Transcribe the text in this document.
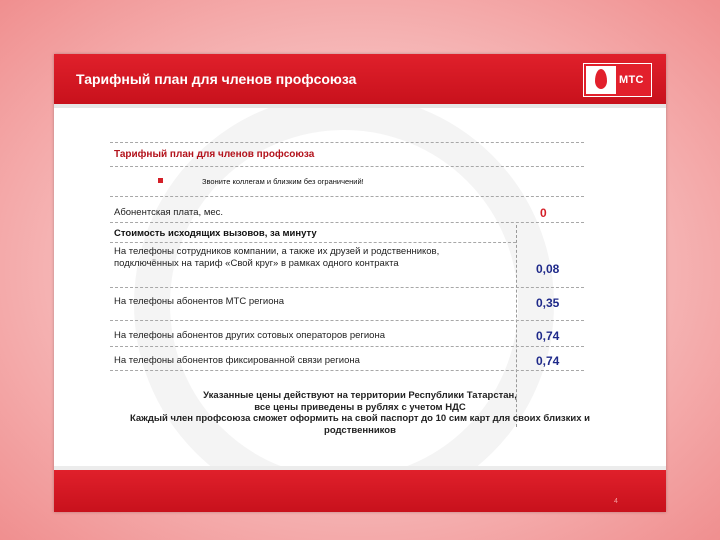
Тарифный план для членов профсоюза	МТС
Тарифный план для членов профсоюза
Звоните коллегам и близким без ограничений!
Абонентская плата, мес.	0
Стоимость исходящих вызовов, за минуту
На телефоны сотрудников компании, а также их друзей и родственников, подключённых на тариф «Свой круг» в рамках одного контракта	0,08
На телефоны абонентов МТС региона	0,35
На телефоны абонентов других сотовых операторов региона	0,74
На телефоны абонентов фиксированной связи региона	0,74
Указанные цены действуют на территории Республики Татарстан,
все цены приведены в рублях с учетом НДС
Каждый член профсоюза сможет оформить на свой паспорт до 10 сим карт для своих близких и
родственников
4
